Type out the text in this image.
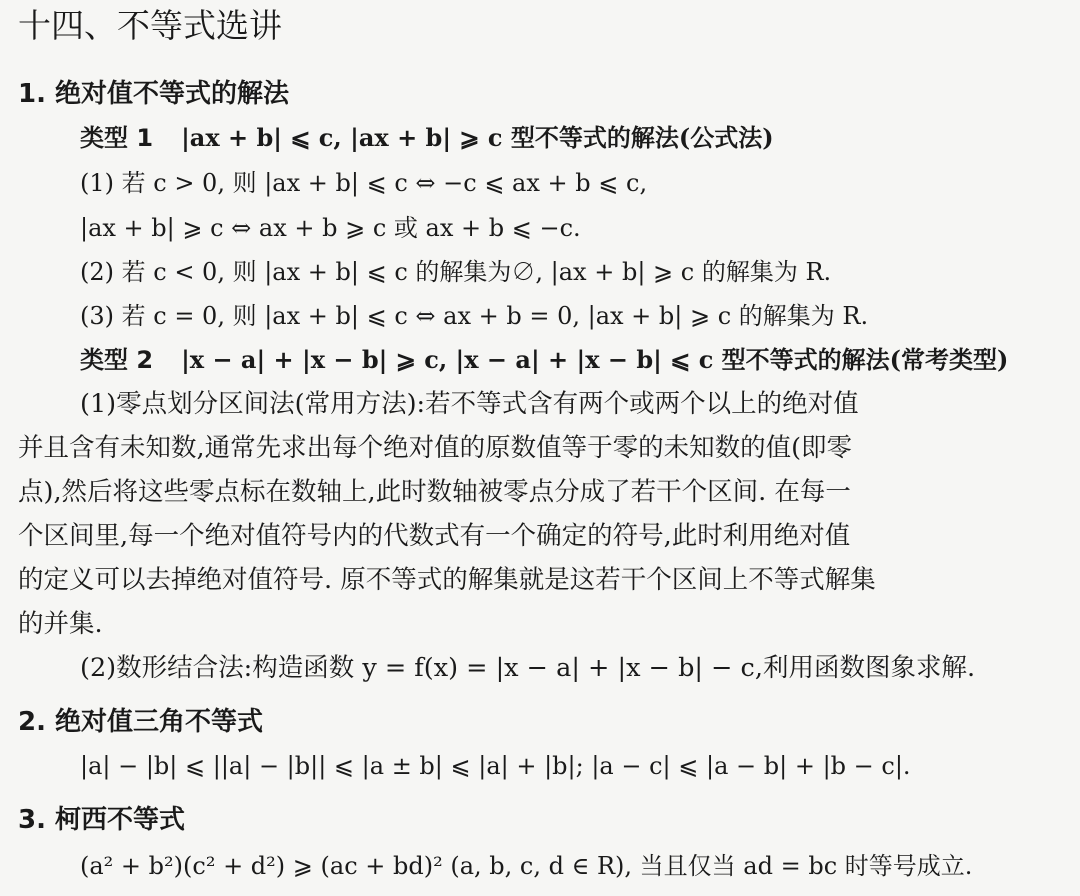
十四、不等式选讲
1. 绝对值不等式的解法
类型 1 |ax + b| ⩽ c, |ax + b| ⩾ c 型不等式的解法(公式法)
(1) 若 c > 0, 则 |ax + b| ⩽ c ⇔ −c ⩽ ax + b ⩽ c,
|ax + b| ⩾ c ⇔ ax + b ⩾ c 或 ax + b ⩽ −c.
(2) 若 c < 0, 则 |ax + b| ⩽ c 的解集为∅, |ax + b| ⩾ c 的解集为 R.
(3) 若 c = 0, 则 |ax + b| ⩽ c ⇔ ax + b = 0, |ax + b| ⩾ c 的解集为 R.
类型 2 |x − a| + |x − b| ⩾ c, |x − a| + |x − b| ⩽ c 型不等式的解法(常考类型)
(1)零点划分区间法(常用方法):若不等式含有两个或两个以上的绝对值
并且含有未知数,通常先求出每个绝对值的原数值等于零的未知数的值(即零
点),然后将这些零点标在数轴上,此时数轴被零点分成了若干个区间. 在每一
个区间里,每一个绝对值符号内的代数式有一个确定的符号,此时利用绝对值
的定义可以去掉绝对值符号. 原不等式的解集就是这若干个区间上不等式解集
的并集.
(2)数形结合法:构造函数 y = f(x) = |x − a| + |x − b| − c,利用函数图象求解.
2. 绝对值三角不等式
|a| − |b| ⩽ ||a| − |b|| ⩽ |a ± b| ⩽ |a| + |b|; |a − c| ⩽ |a − b| + |b − c|.
3. 柯西不等式
(a² + b²)(c² + d²) ⩾ (ac + bd)² (a, b, c, d ∈ R), 当且仅当 ad = bc 时等号成立.
